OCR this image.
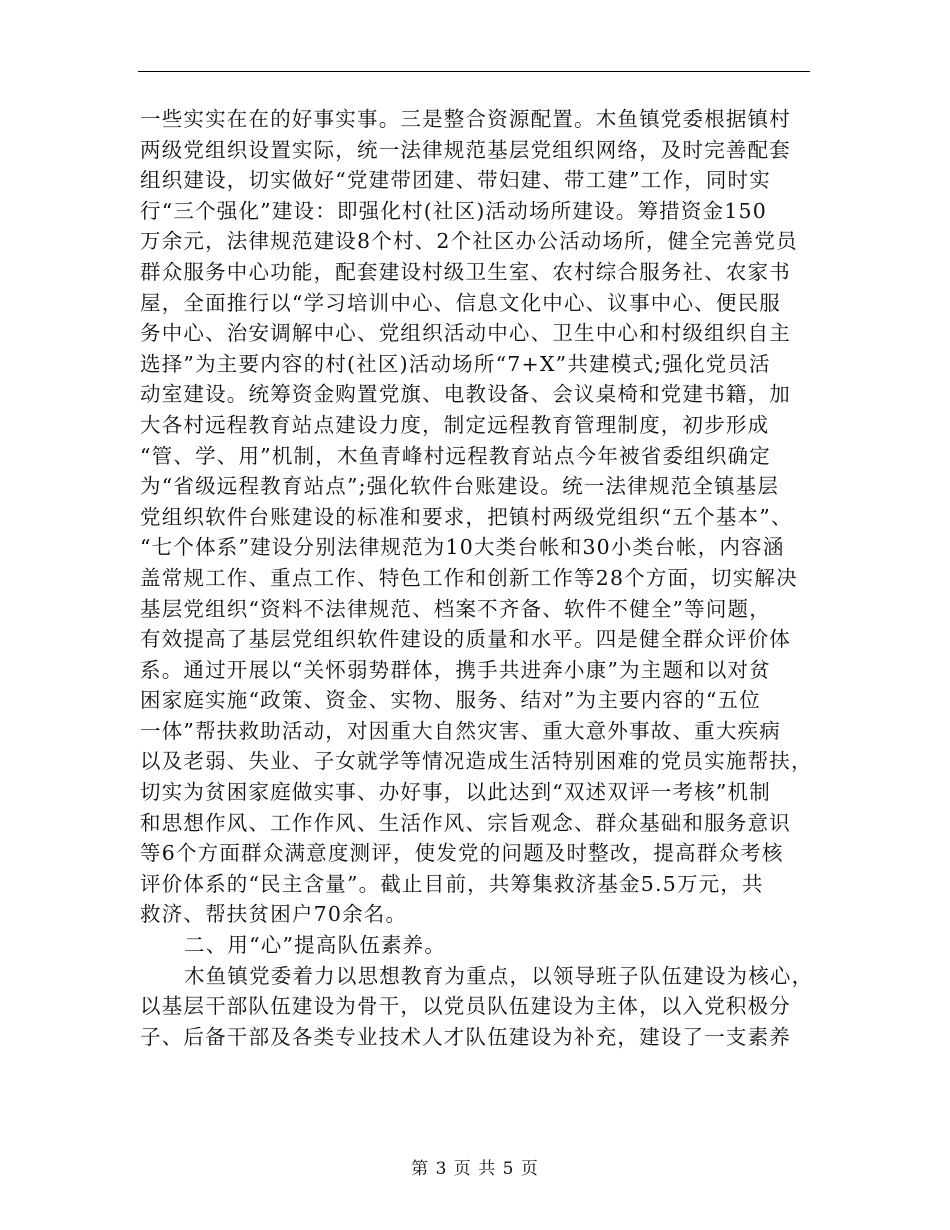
一些实实在在的好事实事。三是整合资源配置。木鱼镇党委根据镇村
两级党组织设置实际，统一法律规范基层党组织网络，及时完善配套
组织建设，切实做好“党建带团建、带妇建、带工建”工作，同时实
行“三个强化”建设：即强化村(社区)活动场所建设。筹措资金150
万余元，法律规范建设8个村、2个社区办公活动场所，健全完善党员
群众服务中心功能，配套建设村级卫生室、农村综合服务社、农家书
屋，全面推行以“学习培训中心、信息文化中心、议事中心、便民服
务中心、治安调解中心、党组织活动中心、卫生中心和村级组织自主
选择”为主要内容的村(社区)活动场所“7+X”共建模式;强化党员活
动室建设。统筹资金购置党旗、电教设备、会议桌椅和党建书籍，加
大各村远程教育站点建设力度，制定远程教育管理制度，初步形成
“管、学、用”机制，木鱼青峰村远程教育站点今年被省委组织确定
为“省级远程教育站点”;强化软件台账建设。统一法律规范全镇基层
党组织软件台账建设的标准和要求，把镇村两级党组织“五个基本”、
“七个体系”建设分别法律规范为10大类台帐和30小类台帐，内容涵
盖常规工作、重点工作、特色工作和创新工作等28个方面，切实解决
基层党组织“资料不法律规范、档案不齐备、软件不健全”等问题，
有效提高了基层党组织软件建设的质量和水平。四是健全群众评价体
系。通过开展以“关怀弱势群体，携手共进奔小康”为主题和以对贫
困家庭实施“政策、资金、实物、服务、结对”为主要内容的“五位
一体”帮扶救助活动，对因重大自然灾害、重大意外事故、重大疾病
以及老弱、失业、子女就学等情况造成生活特别困难的党员实施帮扶，
切实为贫困家庭做实事、办好事，以此达到“双述双评一考核”机制
和思想作风、工作作风、生活作风、宗旨观念、群众基础和服务意识
等6个方面群众满意度测评，使发党的问题及时整改，提高群众考核
评价体系的“民主含量”。截止目前，共筹集救济基金5.5万元，共
救济、帮扶贫困户70余名。
二、用“心”提高队伍素养。
木鱼镇党委着力以思想教育为重点，以领导班子队伍建设为核心，
以基层干部队伍建设为骨干，以党员队伍建设为主体，以入党积极分
子、后备干部及各类专业技术人才队伍建设为补充，建设了一支素养
第 3 页 共 5 页
